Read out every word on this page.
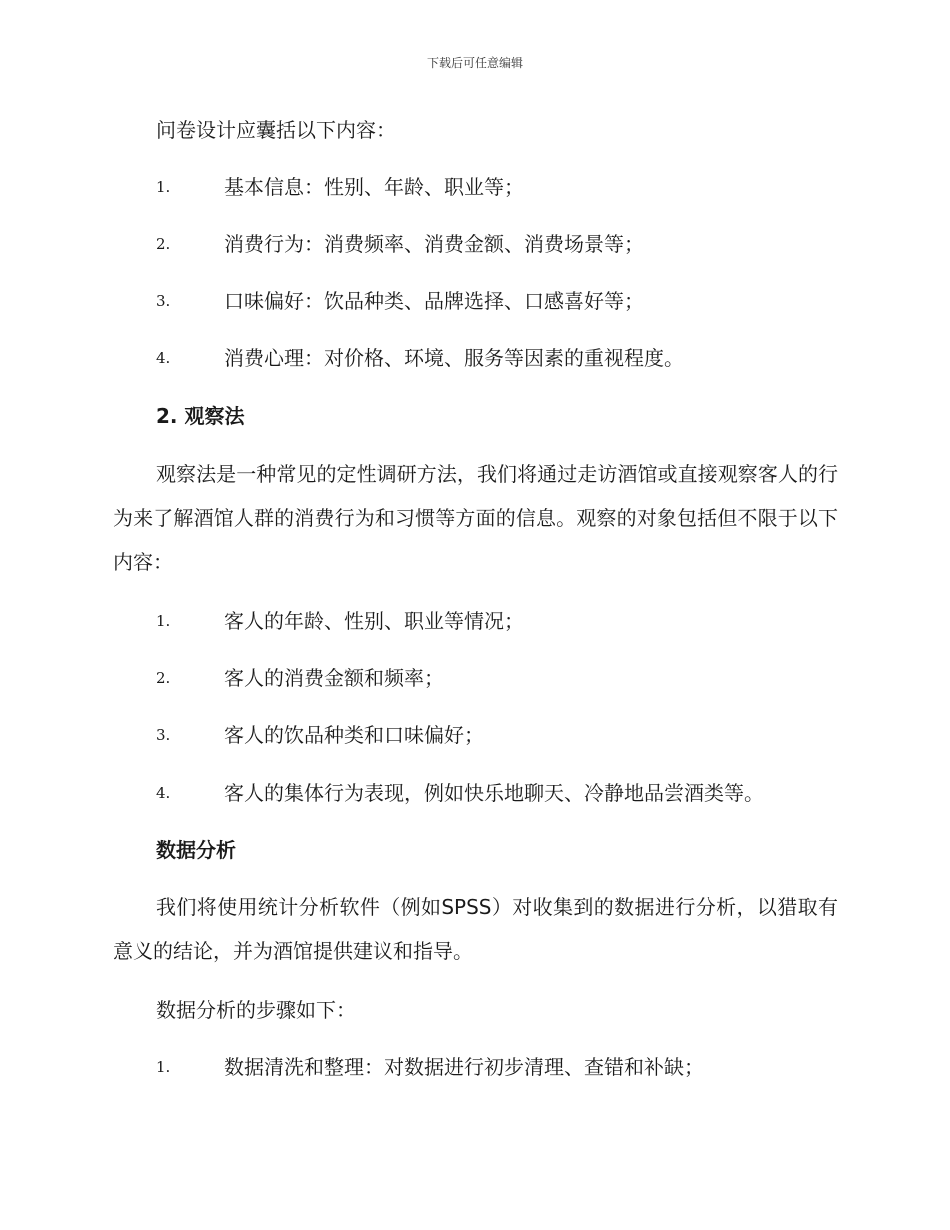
下载后可任意编辑
问卷设计应囊括以下内容：
1.	基本信息：性别、年龄、职业等；
2.	消费行为：消费频率、消费金额、消费场景等；
3.	口味偏好：饮品种类、品牌选择、口感喜好等；
4.	消费心理：对价格、环境、服务等因素的重视程度。
2. 观察法
观察法是一种常见的定性调研方法，我们将通过走访酒馆或直接观察客人的行为来了解酒馆人群的消费行为和习惯等方面的信息。观察的对象包括但不限于以下内容：
1.	客人的年龄、性别、职业等情况；
2.	客人的消费金额和频率；
3.	客人的饮品种类和口味偏好；
4.	客人的集体行为表现，例如快乐地聊天、冷静地品尝酒类等。
数据分析
我们将使用统计分析软件（例如SPSS）对收集到的数据进行分析，以猎取有意义的结论，并为酒馆提供建议和指导。
数据分析的步骤如下：
1.	数据清洗和整理：对数据进行初步清理、查错和补缺；
